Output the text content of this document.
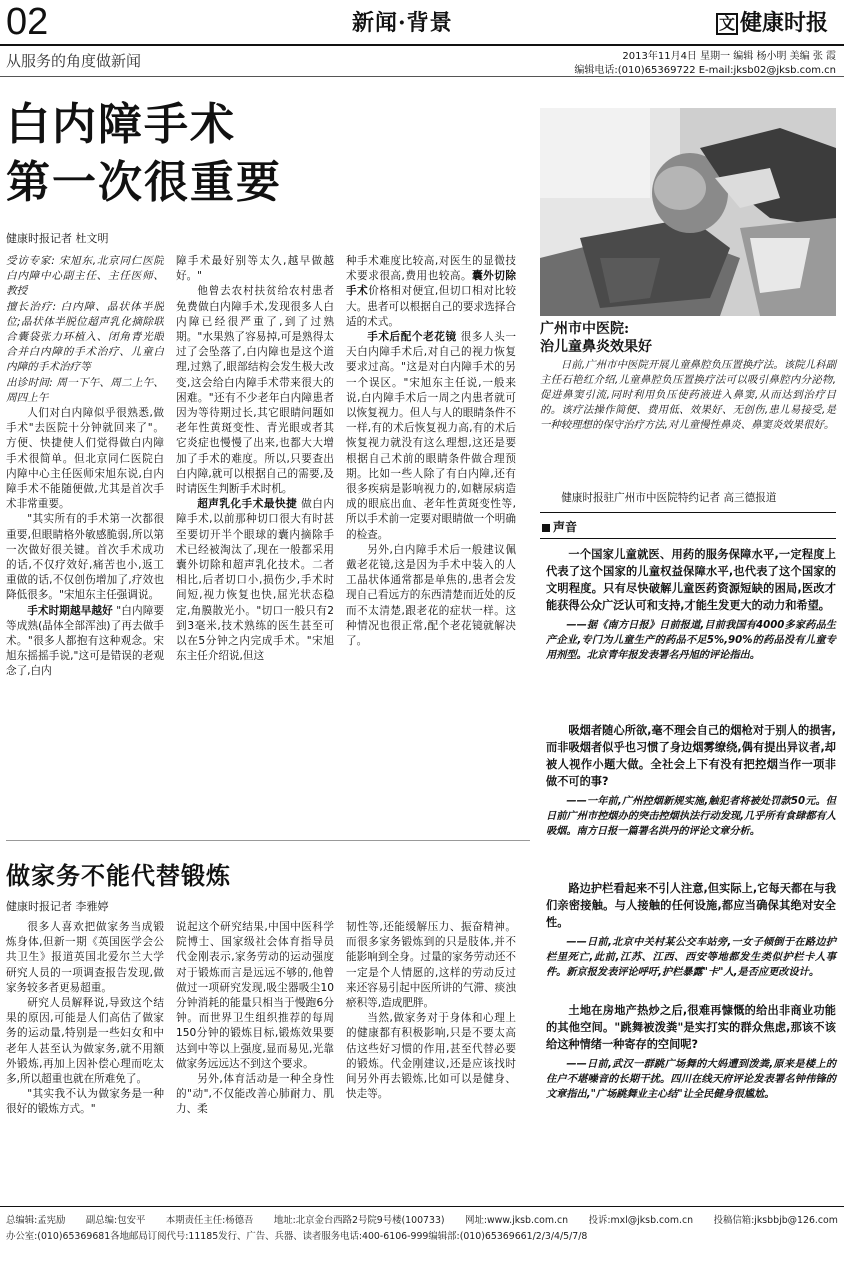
02	新闻·背景	文 健康时报
从服务的角度做新闻	2013年11月4日 星期一 编辑 杨小明 美编 张 霞
编辑电话:(010)65369722 E-mail:jksb02@jksb.com.cn
白内障手术
第一次很重要
健康时报记者 杜文明

受访专家: 宋旭东,北京同仁医院白内障中心副主任、主任医师、教授

擅长治疗: 白内障、晶状体半脱位;晶状体半脱位超声乳化摘除联合囊袋张力环植入、闭角青光眼合并白内障的手术治疗、儿童白内障的手术治疗等

出诊时间: 周一下午、周二上午、周四上午

人们对白内障似乎很熟悉,做手术"去医院十分钟就回来了"。方便、快捷使人们觉得做白内障手术很简单。但北京同仁医院白内障中心主任医师宋旭东说,白内障手术不能随便做,尤其是首次手术非常重要。

"其实所有的手术第一次都很重要,但眼睛格外敏感脆弱,所以第一次做好很关键。首次手术成功的话,不仅疗效好,痛苦也小,返工重做的话,不仅创伤增加了,疗效也降低很多。"宋旭东主任强调说。

手术时期越早越好 "白内障要等成熟(晶体全部浑浊)了再去做手术。"很多人都抱有这种观念。宋旭东摇摇手说,"这可是错误的老观念了,白内

障手术最好别等太久,越早做越好。"

他曾去农村扶贫给农村患者免费做白内障手术,发现很多人白内障已经很严重了,到了过熟期。"水果熟了容易掉,可是熟得太过了会坠落了,白内障也是这个道理,过熟了,眼部结构会发生极大改变,这会给白内障手术带来很大的困难。"还有不少老年白内障患者因为等待期过长,其它眼睛问题如老年性黄斑变性、青光眼或者其它炎症也慢慢了出来,也都大大增加了手术的难度。所以,只要查出白内障,就可以根据自己的需要,及时请医生判断手术时机。

超声乳化手术最快捷 做白内障手术,以前那种切口很大有时甚至要切开半个眼球的囊内摘除手术已经被淘汰了,现在一般都采用囊外切除和超声乳化技术。二者相比,后者切口小,损伤少,手术时间短,视力恢复也快,屈光状态稳定,角膜散光小。"切口一般只有2到3毫米,技术熟练的医生甚至可以在5分钟之内完成手术。"宋旭东主任介绍说,但这

种手术难度比较高,对医生的显微技术要求很高,费用也较高。囊外切除手术价格相对便宜,但切口相对比较大。患者可以根据自己的要求选择合适的术式。

手术后配个老花镜 很多人头一天白内障手术后,对自己的视力恢复要求过高。"这是对白内障手术的另一个误区。"宋旭东主任说,一般来说,白内障手术后一周之内患者就可以恢复视力。但人与人的眼睛条件不一样,有的术后恢复视力高,有的术后恢复视力就没有这么理想,这还是要根据自己术前的眼睛条件做合理预期。比如一些人除了有白内障,还有很多疾病是影响视力的,如糖尿病造成的眼底出血、老年性黄斑变性等,所以手术前一定要对眼睛做一个明确的检查。

另外,白内障手术后一般建议佩戴老花镜,这是因为手术中装入的人工晶状体通常都是单焦的,患者会发现自己看远方的东西清楚而近处的反而不太清楚,跟老花的症状一样。这种情况也很正常,配个老花镜就解决了。

广州市中医院:
治儿童鼻炎效果好

日前,广州市中医院开展儿童鼻腔负压置换疗法。该院儿科副主任石艳红介绍,儿童鼻腔负压置换疗法可以吸引鼻腔内分泌物,促进鼻窦引流,同时利用负压使药液进入鼻窦,从而达到治疗目的。该疗法操作简便、费用低、效果好、无创伤,患儿易接受,是一种较理想的保守治疗方法,对儿童慢性鼻炎、鼻窦炎效果很好。

健康时报驻广州市中医院特约记者 高三德报道
声音

一个国家儿童就医、用药的服务保障水平,一定程度上代表了这个国家的儿童权益保障水平,也代表了这个国家的文明程度。只有尽快破解儿童医药资源短缺的困局,医改才能获得公众广泛认可和支持,才能生发更大的动力和希望。

——据《南方日报》日前报道,目前我国有4000多家药品生产企业,专门为儿童生产的药品不足5%,90%的药品没有儿童专用剂型。北京青年报发表署名丹旭的评论指出。

吸烟者随心所欲,毫不理会自己的烟枪对于别人的损害,而非吸烟者似乎也习惯了身边烟雾缭绕,偶有提出异议者,却被人视作小题大做。全社会上下有没有把控烟当作一项非做不可的事?

——一年前,广州控烟新规实施,触犯者将被处罚款50元。但日前广州市控烟办的突击控烟执法行动发现,几乎所有食肆都有人吸烟。南方日报一篇署名洪丹的评论文章分析。

路边护栏看起来不引人注意,但实际上,它每天都在与我们亲密接触。与人接触的任何设施,都应当确保其绝对安全性。

——日前,北京中关村某公交车站旁,一女子倾倒于在路边护栏里死亡,此前,江苏、江西、西安等地都发生类似护栏卡人事件。新京报发表评论呼吁,护栏暴露"卡"人,是否应更改设计。

土地在房地产热炒之后,很难再慷慨的给出非商业功能的其他空间。"跳舞被泼粪"是实打实的群众焦虑,那该不该给这种情绪一种寄存的空间呢?

——日前,武汉一群跳广场舞的大妈遭到泼粪,原来是楼上的住户不堪噪音的长期干扰。四川在线天府评论发表署名钟伟锋的文章指出,"广场跳舞业主心结"让全民健身很尴尬。

做家务不能代替锻炼
健康时报记者 李雅婷

很多人喜欢把做家务当成锻炼身体,但新一期《英国医学会公共卫生》报道英国北爱尔兰大学研究人员的一项调查报告发现,做家务较多者更易超重。

研究人员解释说,导致这个结果的原因,可能是人们高估了做家务的运动量,特别是一些妇女和中老年人甚至认为做家务,就不用额外锻炼,再加上因补偿心理而吃太多,所以超重也就在所难免了。

"其实我不认为做家务是一种很好的锻炼方式。"

说起这个研究结果,中国中医科学院博士、国家级社会体育指导员代金刚表示,家务劳动的运动强度对于锻炼而言是远远不够的,他曾做过一项研究发现,吸尘器吸尘10分钟消耗的能量只相当于慢跑6分钟。而世界卫生组织推荐的每周150分钟的锻炼目标,锻炼效果要达到中等以上强度,显而易见,光靠做家务远远达不到这个要求。

另外,体育活动是一种全身性的"动",不仅能改善心肺耐力、肌力、柔

韧性等,还能缓解压力、振奋精神。而很多家务锻炼到的只是肢体,并不能影响到全身。过量的家务劳动还不一定是个人情愿的,这样的劳动反过来还容易引起中医所讲的气滞、痰浊瘀积等,造成肥胖。

当然,做家务对于身体和心理上的健康都有积极影响,只是不要太高估这些好习惯的作用,甚至代替必要的锻炼。代金刚建议,还是应该找时间另外再去锻炼,比如可以是健身、快走等。

总编辑:孟宪励 副总编:包安平 本期责任主任:杨德吾 地址:北京金台西路2号院9号楼(100733) 网址:www.jksb.com.cn 投诉:mxl@jksb.com.cn 投稿信箱:jksbbjb@126.com
办公室:(010)65369681 各地邮局订阅代号:11185 发行、广告、兵器、读者服务电话:400-6106-999 编辑部:(010)65369661/2/3/4/5/7/8
